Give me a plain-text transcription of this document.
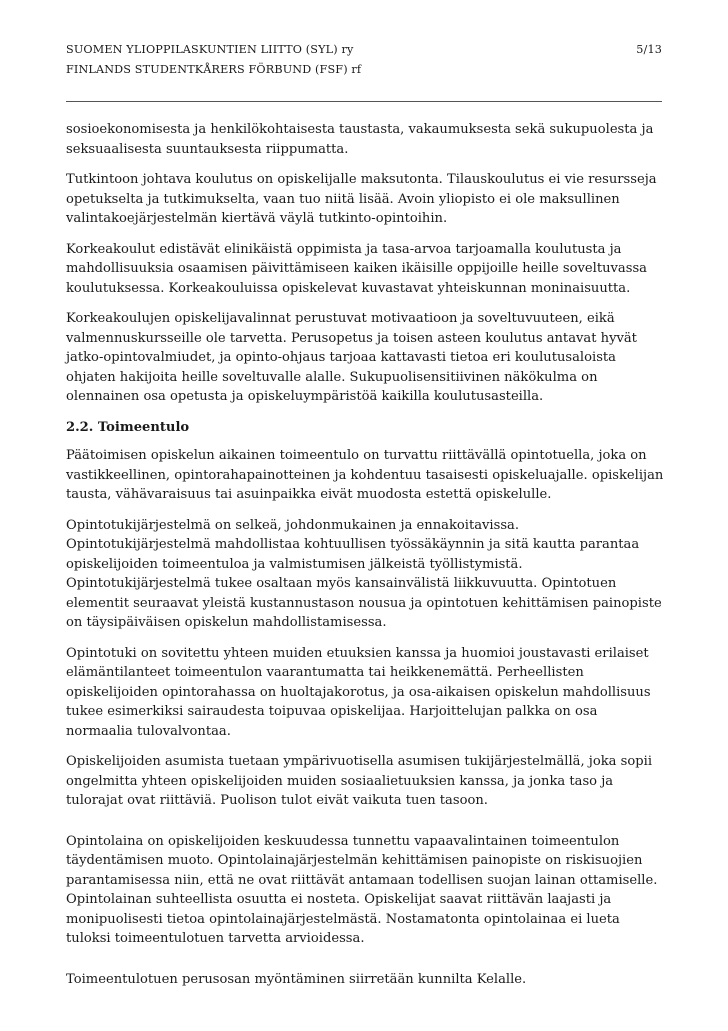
SUOMEN YLIOPPILASKUNTIEN LIITTO (SYL) ry
FINLANDS STUDENTKÅRERS FÖRBUND (FSF) rf
5/13

sosioekonomisesta ja henkilökohtaisesta taustasta, vakaumuksesta sekä sukupuolesta ja seksuaalisesta suuntauksesta riippumatta.

Tutkintoon johtava koulutus on opiskelijalle maksutonta. Tilauskoulutus ei vie resursseja opetukselta ja tutkimukselta, vaan tuo niitä lisää. Avoin yliopisto ei ole maksullinen valintakoejärjestelmän kiertävä väylä tutkinto-opintoihin.

Korkeakoulut edistävät elinikäistä oppimista ja tasa-arvoa tarjoamalla koulutusta ja mahdollisuuksia osaamisen päivittämiseen kaiken ikäisille oppijoille heille soveltuvassa koulutuksessa. Korkeakouluissa opiskelevat kuvastavat yhteiskunnan moninaisuutta.

Korkeakoulujen opiskelijavalinnat perustuvat motivaatioon ja soveltuvuuteen, eikä valmennuskursseille ole tarvetta. Perusopetus ja toisen asteen koulutus antavat hyvät jatko-opintovalmiudet, ja opinto-ohjaus tarjoaa kattavasti tietoa eri koulutusaloista ohjaten hakijoita heille soveltuvalle alalle. Sukupuolisensitiivinen näkökulma on olennainen osa opetusta ja opiskeluympäristöä kaikilla koulutusasteilla.

2.2. Toimeentulo

Päätoimisen opiskelun aikainen toimeentulo on turvattu riittävällä opintotuella, joka on vastikkeellinen, opintorahapainotteinen ja kohdentuu tasaisesti opiskeluajalle. opiskelijan tausta, vähävaraisuus tai asuinpaikka eivät muodosta estettä opiskelulle.

Opintotukijärjestelmä on selkeä, johdonmukainen ja ennakoitavissa. Opintotukijärjestelmä mahdollistaa kohtuullisen työssäkäynnin ja sitä kautta parantaa opiskelijoiden toimeentuloa ja valmistumisen jälkeistä työllistymistä. Opintotukijärjestelmä tukee osaltaan myös kansainvälistä liikkuvuutta. Opintotuen elementit seuraavat yleistä kustannustason nousua ja opintotuen kehittämisen painopiste on täysipäiväisen opiskelun mahdollistamisessa.

Opintotuki on sovitettu yhteen muiden etuuksien kanssa ja huomioi joustavasti erilaiset elämäntilanteet toimeentulon vaarantumatta tai heikkenemättä. Perheellisten opiskelijoiden opintorahassa on huoltajakorotus, ja osa-aikaisen opiskelun mahdollisuus tukee esimerkiksi sairaudesta toipuvaa opiskelijaa. Harjoittelujan palkka on osa normaalia tulovalvontaa.

Opiskelijoiden asumista tuetaan ympärivuotisella asumisen tukijärjestelmällä, joka sopii ongelmitta yhteen opiskelijoiden muiden sosiaalietuuksien kanssa, ja jonka taso ja tulorajat ovat riittäviä. Puolison tulot eivät vaikuta tuen tasoon.

Opintolaina on opiskelijoiden keskuudessa tunnettu vapaavalintainen toimeentulon täydentämisen muoto. Opintolainajärjestelmän kehittämisen painopiste on riskisuojien parantamisessa niin, että ne ovat riittävät antamaan todellisen suojan lainan ottamiselle. Opintolainan suhteellista osuutta ei nosteta. Opiskelijat saavat riittävän laajasti ja monipuolisesti tietoa opintolainajärjestelmästä. Nostamatonta opintolainaa ei lueta tuloksi toimeentulotuen tarvetta arvioidessa.

Toimeentulotuen perusosan myöntäminen siirretään kunnilta Kelalle.
